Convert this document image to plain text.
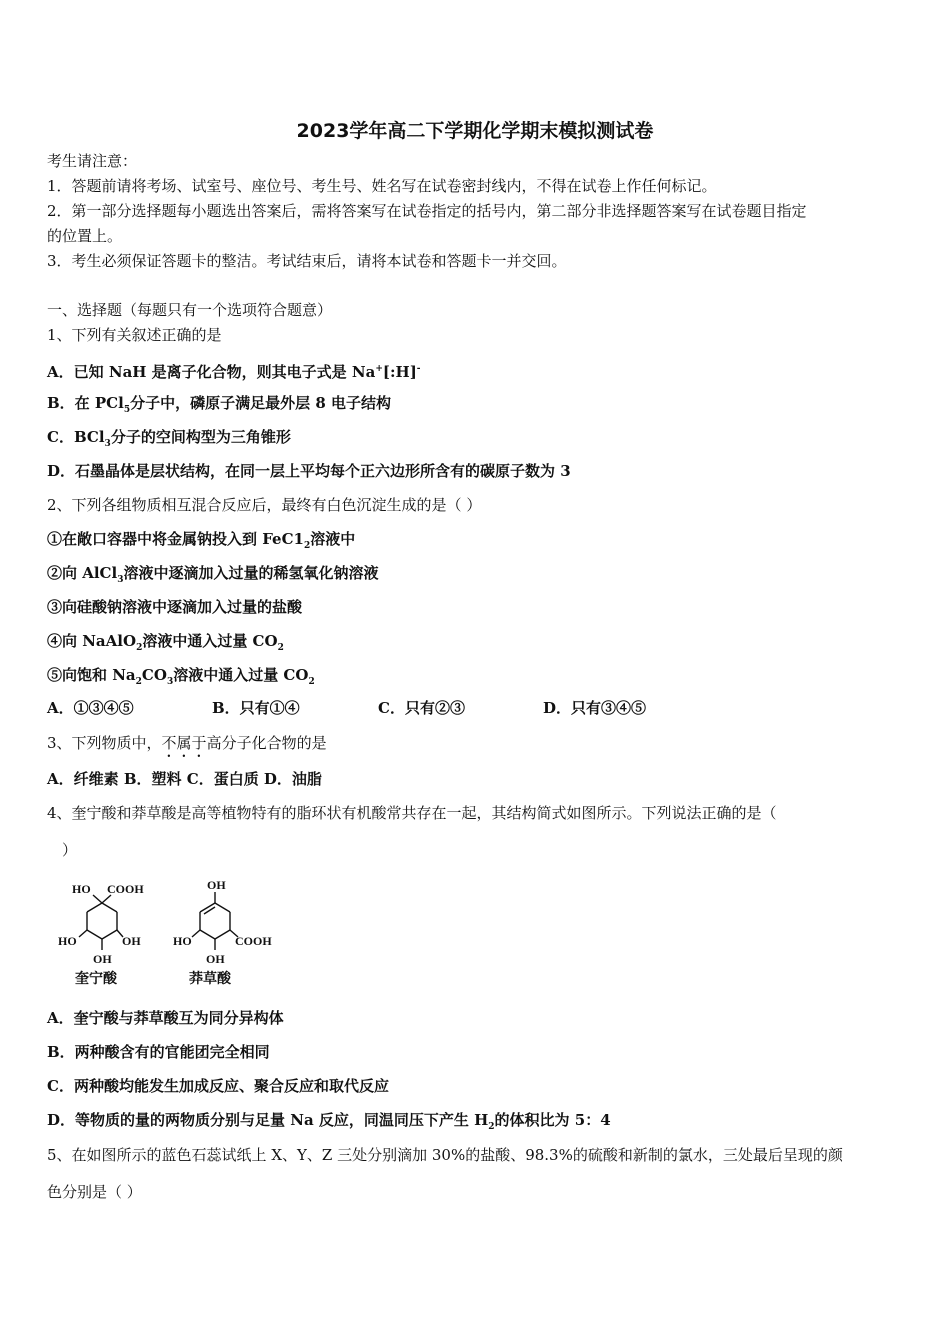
2023学年高二下学期化学期末模拟测试卷
考生请注意：
1．答题前请将考场、试室号、座位号、考生号、姓名写在试卷密封线内，不得在试卷上作任何标记。
2．第一部分选择题每小题选出答案后，需将答案写在试卷指定的括号内，第二部分非选择题答案写在试卷题目指定
的位置上。
3．考生必须保证答题卡的整洁。考试结束后，请将本试卷和答题卡一并交回。
一、选择题（每题只有一个选项符合题意）
1、下列有关叙述正确的是
A．已知 NaH 是离子化合物，则其电子式是 Na+[:H]-
B．在 PCl$_5$分子中，磷原子满足最外层 8 电子结构
C．BCl$_3$分子的空间构型为三角锥形
D．石墨晶体是层状结构，在同一层上平均每个正六边形所含有的碳原子数为 3
2、下列各组物质相互混合反应后，最终有白色沉淀生成的是（ ）
①在敞口容器中将金属钠投入到 $FeC1_2$溶液中
②向 AlCl$_3$溶液中逐滴加入过量的稀氢氧化钠溶液
③向硅酸钠溶液中逐滴加入过量的盐酸
④向 NaAlO$_2$溶液中通入过量 $CO_2$
⑤向饱和 $Na_2CO_3$溶液中通入过量 $CO_2$
A．①③④⑤	B．只有①④	C．只有②③	D．只有③④⑤
3、下列物质中，不属于高分子化合物的是
A．纤维素 B．塑料 C．蛋白质 D．油脂
4、奎宁酸和莽草酸是高等植物特有的脂环状有机酸常共存在一起，其结构简式如图所示。下列说法正确的是（
）
HO COOH
HO	OH
OH
奎宁酸
OH
HO	COOH
OH
莽草酸
A．奎宁酸与莽草酸互为同分异构体
B．两种酸含有的官能团完全相同
C．两种酸均能发生加成反应、聚合反应和取代反应
D．等物质的量的两物质分别与足量 Na 反应，同温同压下产生 $H_2$的体积比为 5：4
5、在如图所示的蓝色石蕊试纸上 X、Y、Z 三处分别滴加 30%的盐酸、98.3%的硫酸和新制的氯水，三处最后呈现的颜
色分别是（ ）
